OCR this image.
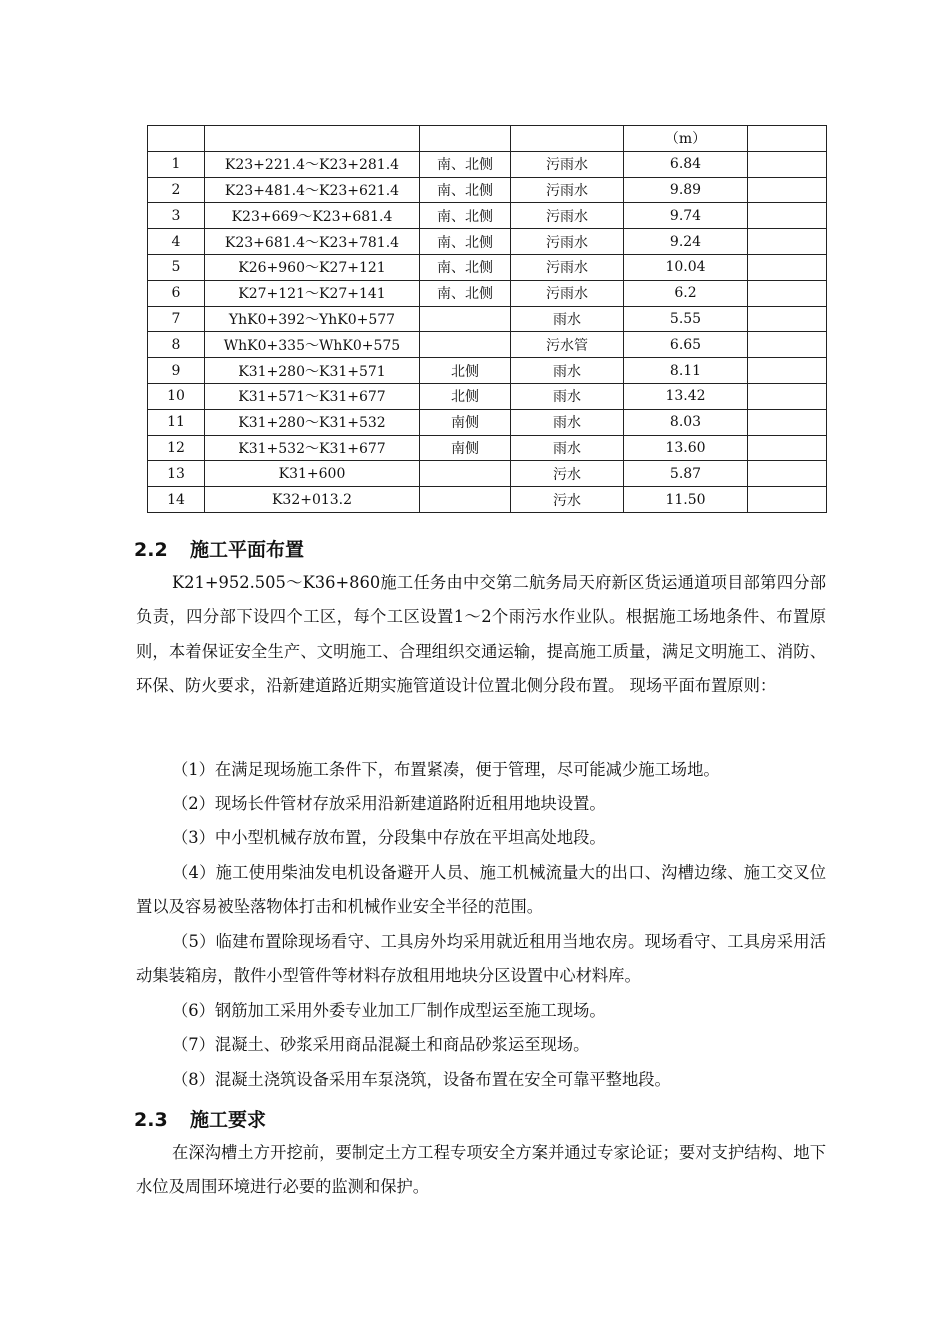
				（m）	
1	K23+221.4～K23+281.4	南、北侧	污雨水	6.84	
2	K23+481.4～K23+621.4	南、北侧	污雨水	9.89	
3	K23+669～K23+681.4	南、北侧	污雨水	9.74	
4	K23+681.4～K23+781.4	南、北侧	污雨水	9.24	
5	K26+960～K27+121	南、北侧	污雨水	10.04	
6	K27+121～K27+141	南、北侧	污雨水	6.2	
7	YhK0+392～YhK0+577		雨水	5.55	
8	WhK0+335～WhK0+575		污水管	6.65	
9	K31+280～K31+571	北侧	雨水	8.11	
10	K31+571～K31+677	北侧	雨水	13.42	
11	K31+280～K31+532	南侧	雨水	8.03	
12	K31+532～K31+677	南侧	雨水	13.60	
13	K31+600		污水	5.87	
14	K32+013.2		污水	11.50	
2.2 施工平面布置

K21+952.505～K36+860施工任务由中交第二航务局天府新区货运通道项目部第四分部负责，四分部下设四个工区，每个工区设置1～2个雨污水作业队。根据施工场地条件、布置原则，本着保证安全生产、文明施工、合理组织交通运输，提高施工质量，满足文明施工、消防、环保、防火要求，沿新建道路近期实施管道设计位置北侧分段布置。 现场平面布置原则：

（1）在满足现场施工条件下，布置紧凑，便于管理，尽可能减少施工场地。

（2）现场长件管材存放采用沿新建道路附近租用地块设置。

（3）中小型机械存放布置，分段集中存放在平坦高处地段。

（4）施工使用柴油发电机设备避开人员、施工机械流量大的出口、沟槽边缘、施工交叉位置以及容易被坠落物体打击和机械作业安全半径的范围。

（5）临建布置除现场看守、工具房外均采用就近租用当地农房。现场看守、工具房采用活动集装箱房，散件小型管件等材料存放租用地块分区设置中心材料库。

（6）钢筋加工采用外委专业加工厂制作成型运至施工现场。

（7）混凝土、砂浆采用商品混凝土和商品砂浆运至现场。

（8）混凝土浇筑设备采用车泵浇筑，设备布置在安全可靠平整地段。

2.3 施工要求

在深沟槽土方开挖前，要制定土方工程专项安全方案并通过专家论证；要对支护结构、地下水位及周围环境进行必要的监测和保护。
